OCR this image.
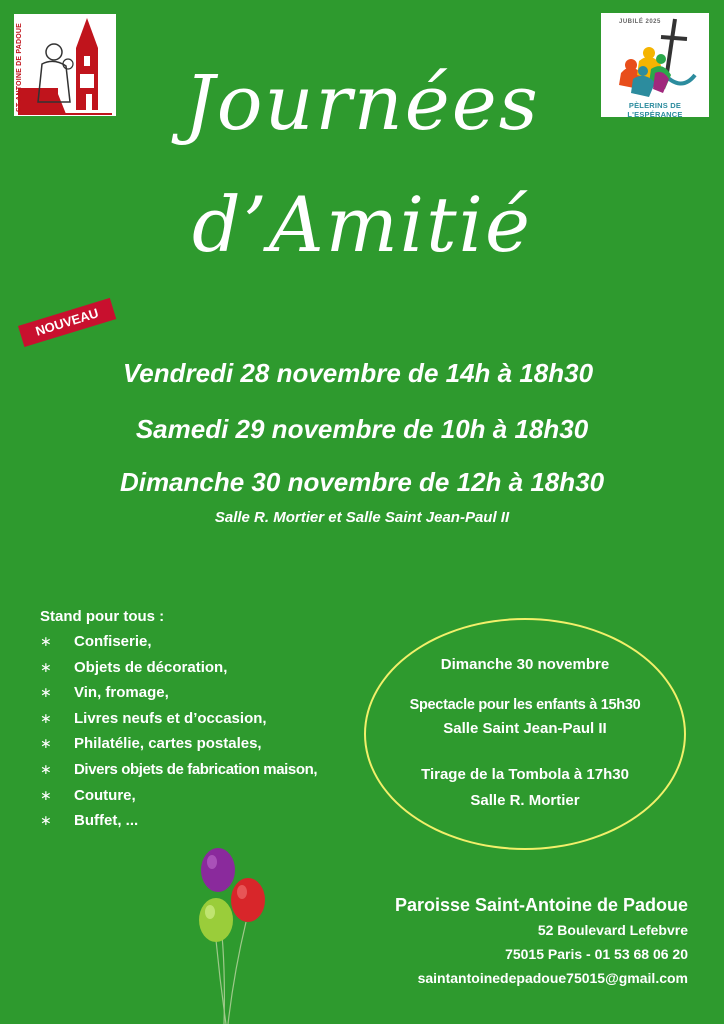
ST ANTOINE DE PADOUE
JUBILÉ 2025
PÈLERINS DE L'ESPÉRANCE
Journées
d’Amitié
NOUVEAU
Vendredi 28 novembre de 14h à 18h30
Samedi 29 novembre de 10h à 18h30
Dimanche 30 novembre de 12h à 18h30
Salle R. Mortier et Salle Saint Jean-Paul II
Stand pour tous :
∗ Confiserie,
∗ Objets de décoration,
∗ Vin, fromage,
∗ Livres neufs et d’occasion,
∗ Philatélie, cartes postales,
∗ Divers objets de fabrication maison,
∗ Couture,
∗ Buffet, ...
Dimanche 30 novembre
Spectacle pour les enfants à 15h30
Salle Saint Jean-Paul II
Tirage de la Tombola à 17h30
Salle R. Mortier
Paroisse Saint-Antoine de Padoue
52 Boulevard Lefebvre
75015 Paris - 01 53 68 06 20
saintantoinedepadoue75015@gmail.com
